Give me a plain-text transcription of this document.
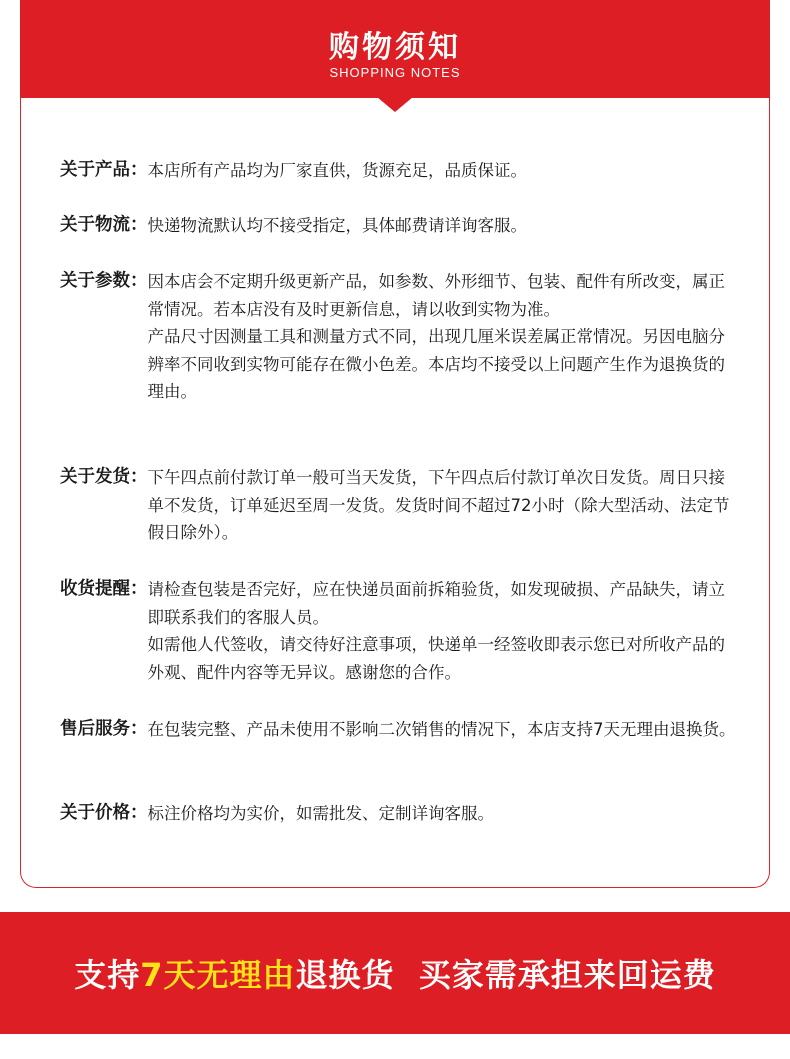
购物须知
SHOPPING NOTES
关于产品： 本店所有产品均为厂家直供，货源充足，品质保证。

关于物流： 快递物流默认均不接受指定，具体邮费请详询客服。

关于参数： 因本店会不定期升级更新产品，如参数、外形细节、包装、配件有所改变，属正常情况。若本店没有及时更新信息，请以收到实物为准。

产品尺寸因测量工具和测量方式不同，出现几厘米误差属正常情况。另因电脑分辨率不同收到实物可能存在微小色差。本店均不接受以上问题产生作为退换货的理由。

关于发货： 下午四点前付款订单一般可当天发货，下午四点后付款订单次日发货。周日只接单不发货，订单延迟至周一发货。发货时间不超过72小时（除大型活动、法定节假日除外）。

收货提醒： 请检查包装是否完好，应在快递员面前拆箱验货，如发现破损、产品缺失，请立即联系我们的客服人员。

如需他人代签收，请交待好注意事项，快递单一经签收即表示您已对所收产品的外观、配件内容等无异议。感谢您的合作。

售后服务： 在包装完整、产品未使用不影响二次销售的情况下，本店支持7天无理由退换货。

关于价格： 标注价格均为实价，如需批发、定制详询客服。

支持7天无理由退换货  买家需承担来回运费
